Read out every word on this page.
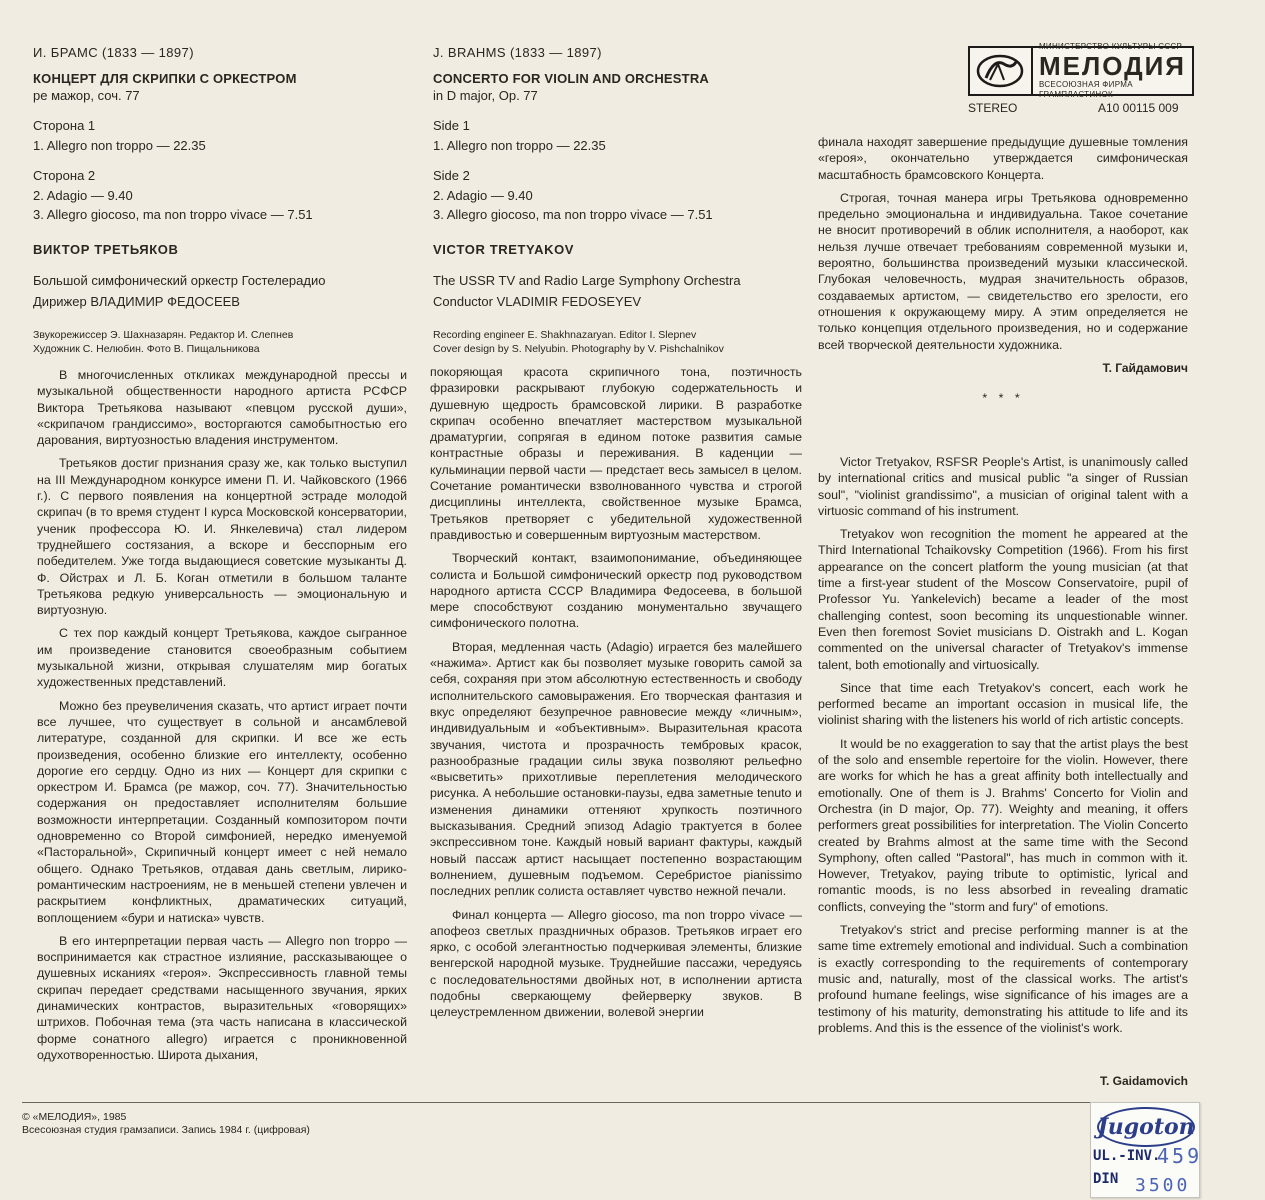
И. БРАМС (1833 — 1897)
КОНЦЕРТ ДЛЯ СКРИПКИ С ОРКЕСТРОМ
ре мажор, соч. 77
Сторона 1
1. Allegro non troppo — 22.35
Сторона 2
2. Adagio — 9.40
3. Allegro giocoso, ma non troppo vivace — 7.51
ВИКТОР ТРЕТЬЯКОВ
Большой симфонический оркестр Гостелерадио
Дирижер ВЛАДИМИР ФЕДОСЕЕВ
Звукорежиссер Э. Шахназарян. Редактор И. Слепнев
Художник С. Нелюбин. Фото В. Пищальникова
J. BRAHMS (1833 — 1897)
CONCERTO FOR VIOLIN AND ORCHESTRA
in D major, Op. 77
Side 1
1. Allegro non troppo — 22.35
Side 2
2. Adagio — 9.40
3. Allegro giocoso, ma non troppo vivace — 7.51
VICTOR TRETYAKOV
The USSR TV and Radio Large Symphony Orchestra
Conductor VLADIMIR FEDOSEYEV
Recording engineer E. Shakhnazaryan. Editor I. Slepnev
Cover design by S. Nelyubin. Photography by V. Pishchalnikov
МИНИСТЕРСТВО КУЛЬТУРЫ СССР
МЕЛОДИЯ
ВСЕСОЮЗНАЯ ФИРМА ГРАМПЛАСТИНОК
STEREO	A10 00115 009

финала находят завершение предыдущие душевные томления «героя», окончательно утверждается симфоническая масштабность брамсовского Концерта.

Строгая, точная манера игры Третьякова одновременно предельно эмоциональна и индивидуальна. Такое сочетание не вносит противоречий в облик исполнителя, а наоборот, как нельзя лучше отвечает требованиям современной музыки и, вероятно, большинства произведений музыки классической. Глубокая человечность, мудрая значительность образов, создаваемых артистом, — свидетельство его зрелости, его отношения к окружающему миру. А этим определяется не только концепция отдельного произведения, но и содержание всей творческой деятельности художника.

Т. Гайдамович
* * *

Victor Tretyakov, RSFSR People's Artist, is unanimously called by international critics and musical public "a singer of Russian soul", "violinist grandissimo", a musician of original talent with a virtuosic command of his instrument.

Tretyakov won recognition the moment he appeared at the Third International Tchaikovsky Competition (1966). From his first appearance on the concert platform the young musician (at that time a first-year student of the Moscow Conservatoire, pupil of Professor Yu. Yankelevich) became a leader of the most challenging contest, soon becoming its unquestionable winner. Even then foremost Soviet musicians D. Oistrakh and L. Kogan commented on the universal character of Tretyakov's immense talent, both emotionally and virtuosically.

Since that time each Tretyakov's concert, each work he performed became an important occasion in musical life, the violinist sharing with the listeners his world of rich artistic concepts.

It would be no exaggeration to say that the artist plays the best of the solo and ensemble repertoire for the violin. However, there are works for which he has a great affinity both intellectually and emotionally. One of them is J. Brahms' Concerto for Violin and Orchestra (in D major, Op. 77). Weighty and meaning, it offers performers great possibilities for interpretation. The Violin Concerto created by Brahms almost at the same time with the Second Symphony, often called "Pastoral", has much in common with it. However, Tretyakov, paying tribute to optimistic, lyrical and romantic moods, is no less absorbed in revealing dramatic conflicts, conveying the "storm and fury" of emotions.

Tretyakov's strict and precise performing manner is at the same time extremely emotional and individual. Such a combination is exactly corresponding to the requirements of contemporary music and, naturally, most of the classical works. The artist's profound humane feelings, wise significance of his images are a testimony of his maturity, demonstrating his attitude to life and its problems. And this is the essence of the violinist's work.

T. Gaidamovich

В многочисленных откликах международной прессы и музыкальной общественности народного артиста РСФСР Виктора Третьякова называют «певцом русской души», «скрипачом грандиссимо», восторгаются самобытностью его дарования, виртуозностью владения инструментом.

Третьяков достиг признания сразу же, как только выступил на III Международном конкурсе имени П. И. Чайковского (1966 г.). С первого появления на концертной эстраде молодой скрипач (в то время студент I курса Московской консерватории, ученик профессора Ю. И. Янкелевича) стал лидером труднейшего состязания, а вскоре и бесспорным его победителем. Уже тогда выдающиеся советские музыканты Д. Ф. Ойстрах и Л. Б. Коган отметили в большом таланте Третьякова редкую универсальность — эмоциональную и виртуозную.

С тех пор каждый концерт Третьякова, каждое сыгранное им произведение становится своеобразным событием музыкальной жизни, открывая слушателям мир богатых художественных представлений.

Можно без преувеличения сказать, что артист играет почти все лучшее, что существует в сольной и ансамблевой литературе, созданной для скрипки. И все же есть произведения, особенно близкие его интеллекту, особенно дорогие его сердцу. Одно из них — Концерт для скрипки с оркестром И. Брамса (ре мажор, соч. 77). Значительностью содержания он предоставляет исполнителям большие возможности интерпретации. Созданный композитором почти одновременно со Второй симфонией, нередко именуемой «Пасторальной», Скрипичный концерт имеет с ней немало общего. Однако Третьяков, отдавая дань светлым, лирико-романтическим настроениям, не в меньшей степени увлечен и раскрытием конфликтных, драматических ситуаций, воплощением «бури и натиска» чувств.

В его интерпретации первая часть — Allegro non troppo — воспринимается как страстное излияние, рассказывающее о душевных исканиях «героя». Экспрессивность главной темы скрипач передает средствами насыщенного звучания, ярких динамических контрастов, выразительных «говорящих» штрихов. Побочная тема (эта часть написана в классической форме сонатного allegro) играется с проникновенной одухотворенностью. Широта дыхания,

покоряющая красота скрипичного тона, поэтичность фразировки раскрывают глубокую содержательность и душевную щедрость брамсовской лирики. В разработке скрипач особенно впечатляет мастерством музыкальной драматургии, сопрягая в едином потоке развития самые контрастные образы и переживания. В каденции — кульминации первой части — предстает весь замысел в целом. Сочетание романтически взволнованного чувства и строгой дисциплины интеллекта, свойственное музыке Брамса, Третьяков претворяет с убедительной художественной правдивостью и совершенным виртуозным мастерством.

Творческий контакт, взаимопонимание, объединяющее солиста и Большой симфонический оркестр под руководством народного артиста СССР Владимира Федосеева, в большой мере способствуют созданию монументально звучащего симфонического полотна.

Вторая, медленная часть (Adagio) играется без малейшего «нажима». Артист как бы позволяет музыке говорить самой за себя, сохраняя при этом абсолютную естественность и свободу исполнительского самовыражения. Его творческая фантазия и вкус определяют безупречное равновесие между «личным», индивидуальным и «объективным». Выразительная красота звучания, чистота и прозрачность тембровых красок, разнообразные градации силы звука позволяют рельефно «высветить» прихотливые переплетения мелодического рисунка. А небольшие остановки-паузы, едва заметные tenuto и изменения динамики оттеняют хрупкость поэтичного высказывания. Средний эпизод Adagio трактуется в более экспрессивном тоне. Каждый новый вариант фактуры, каждый новый пассаж артист насыщает постепенно возрастающим волнением, душевным подъемом. Серебристое pianissimo последних реплик солиста оставляет чувство нежной печали.

Финал концерта — Allegro giocoso, ma non troppo vivace — апофеоз светлых праздничных образов. Третьяков играет его ярко, с особой элегантностью подчеркивая элементы, близкие венгерской народной музыке. Труднейшие пассажи, чередуясь с последовательностями двойных нот, в исполнении артиста подобны сверкающему фейерверку звуков. В целеустремленном движении, волевой энергии

© «МЕЛОДИЯ», 1985
Всесоюзная студия грамзаписи. Запись 1984 г. (цифровая)	Jugoton
UL.-INV.
459
DIN 3500
